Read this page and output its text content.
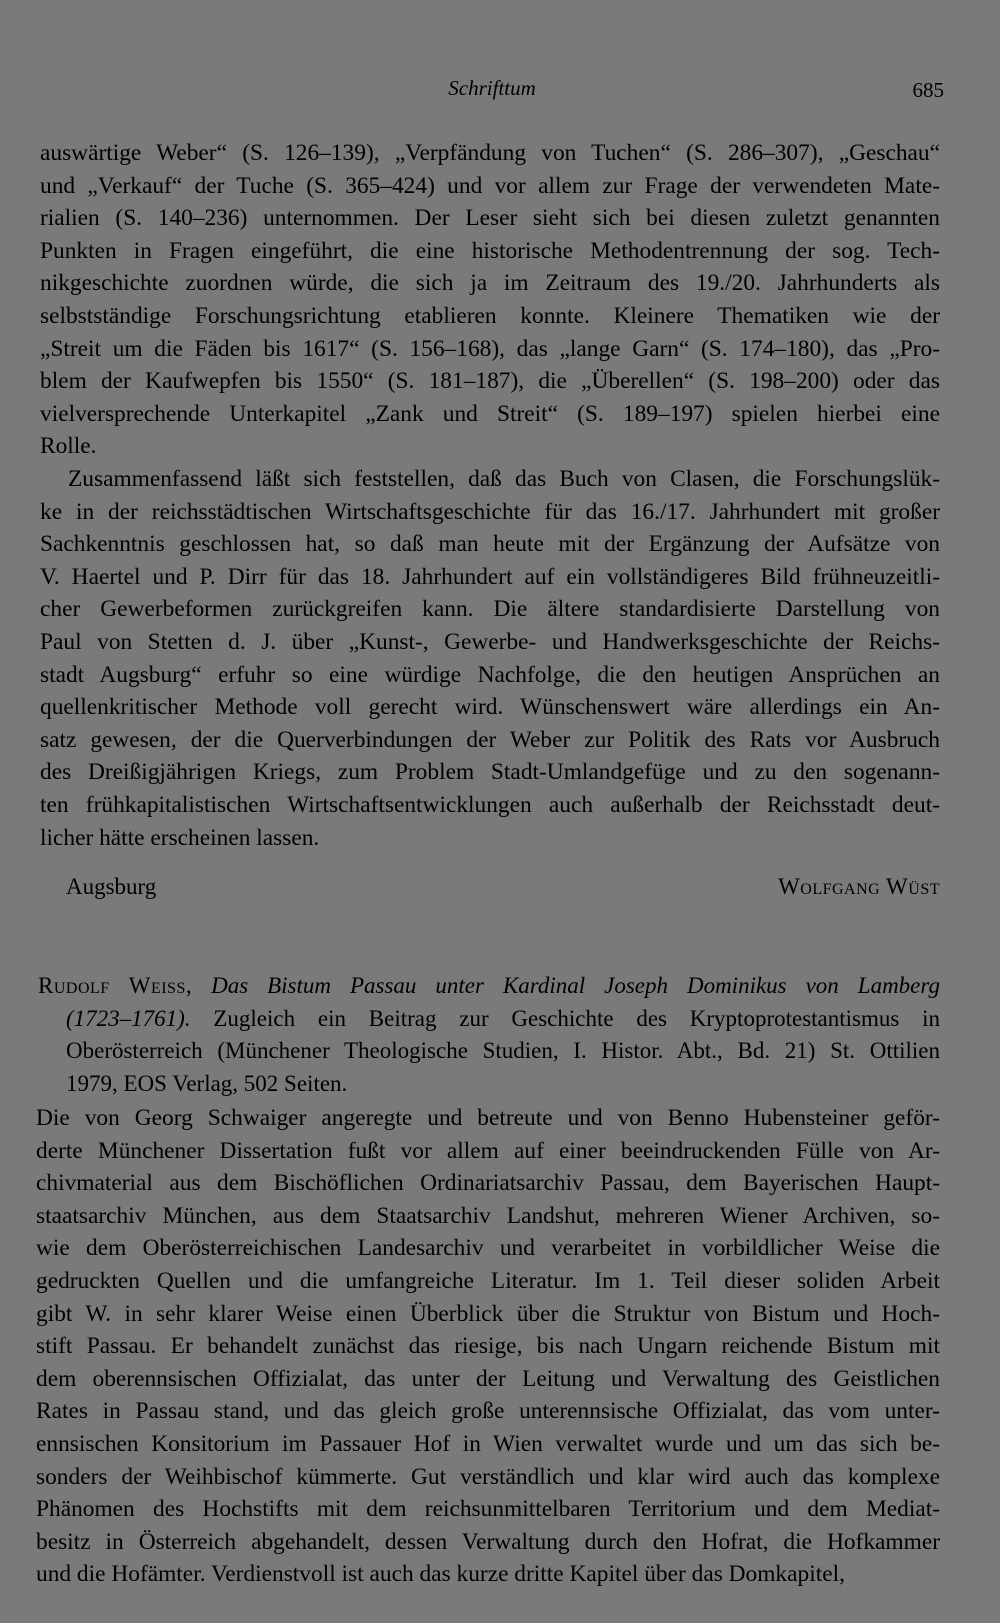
Schrifttum	685
auswärtige Weber“ (S. 126–139), „Verpfändung von Tuchen“ (S. 286–307), „Geschau“
und „Verkauf“ der Tuche (S. 365–424) und vor allem zur Frage der verwendeten Mate-
rialien (S. 140–236) unternommen. Der Leser sieht sich bei diesen zuletzt genannten
Punkten in Fragen eingeführt, die eine historische Methodentrennung der sog. Tech-
nikgeschichte zuordnen würde, die sich ja im Zeitraum des 19./20. Jahrhunderts als
selbstständige Forschungsrichtung etablieren konnte. Kleinere Thematiken wie der
„Streit um die Fäden bis 1617“ (S. 156–168), das „lange Garn“ (S. 174–180), das „Pro-
blem der Kaufwepfen bis 1550“ (S. 181–187), die „Überellen“ (S. 198–200) oder das
vielversprechende Unterkapitel „Zank und Streit“ (S. 189–197) spielen hierbei eine
Rolle.
Zusammenfassend läßt sich feststellen, daß das Buch von Clasen, die Forschungslük-
ke in der reichsstädtischen Wirtschaftsgeschichte für das 16./17. Jahrhundert mit großer
Sachkenntnis geschlossen hat, so daß man heute mit der Ergänzung der Aufsätze von
V. Haertel und P. Dirr für das 18. Jahrhundert auf ein vollständigeres Bild frühneuzeitli-
cher Gewerbeformen zurückgreifen kann. Die ältere standardisierte Darstellung von
Paul von Stetten d. J. über „Kunst-, Gewerbe- und Handwerksgeschichte der Reichs-
stadt Augsburg“ erfuhr so eine würdige Nachfolge, die den heutigen Ansprüchen an
quellenkritischer Methode voll gerecht wird. Wünschenswert wäre allerdings ein An-
satz gewesen, der die Querverbindungen der Weber zur Politik des Rats vor Ausbruch
des Dreißigjährigen Kriegs, zum Problem Stadt-Umlandgefüge und zu den sogenann-
ten frühkapitalistischen Wirtschaftsentwicklungen auch außerhalb der Reichsstadt deut-
licher hätte erscheinen lassen.
Augsburg	Wolfgang Wüst
Rudolf Weiss, Das Bistum Passau unter Kardinal Joseph Dominikus von Lamberg
(1723–1761). Zugleich ein Beitrag zur Geschichte des Kryptoprotestantismus in
Oberösterreich (Münchener Theologische Studien, I. Histor. Abt., Bd. 21) St. Ottilien
1979, EOS Verlag, 502 Seiten.
Die von Georg Schwaiger angeregte und betreute und von Benno Hubensteiner geför-
derte Münchener Dissertation fußt vor allem auf einer beeindruckenden Fülle von Ar-
chivmaterial aus dem Bischöflichen Ordinariatsarchiv Passau, dem Bayerischen Haupt-
staatsarchiv München, aus dem Staatsarchiv Landshut, mehreren Wiener Archiven, so-
wie dem Oberösterreichischen Landesarchiv und verarbeitet in vorbildlicher Weise die
gedruckten Quellen und die umfangreiche Literatur. Im 1. Teil dieser soliden Arbeit
gibt W. in sehr klarer Weise einen Überblick über die Struktur von Bistum und Hoch-
stift Passau. Er behandelt zunächst das riesige, bis nach Ungarn reichende Bistum mit
dem oberennsischen Offizialat, das unter der Leitung und Verwaltung des Geistlichen
Rates in Passau stand, und das gleich große unterennsische Offizialat, das vom unter-
ennsischen Konsitorium im Passauer Hof in Wien verwaltet wurde und um das sich be-
sonders der Weihbischof kümmerte. Gut verständlich und klar wird auch das komplexe
Phänomen des Hochstifts mit dem reichsunmittelbaren Territorium und dem Mediat-
besitz in Österreich abgehandelt, dessen Verwaltung durch den Hofrat, die Hofkammer
und die Hofämter. Verdienstvoll ist auch das kurze dritte Kapitel über das Domkapitel,
